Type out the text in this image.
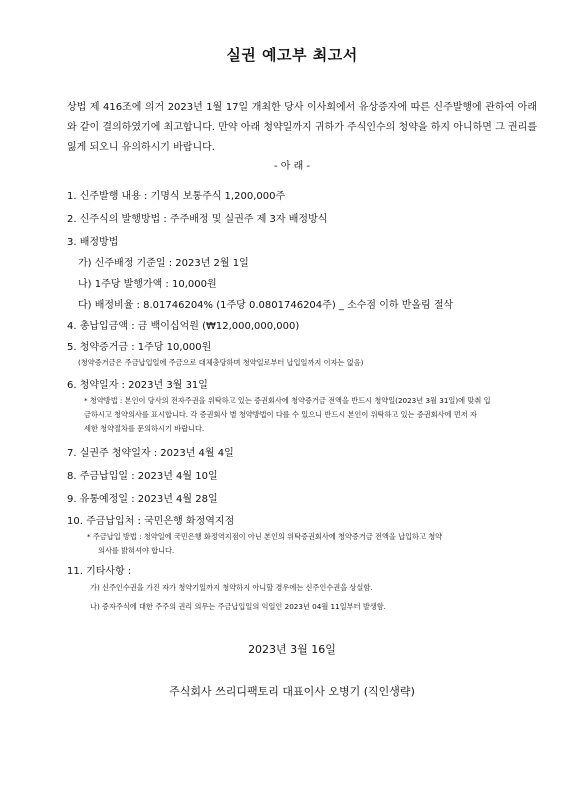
실권 예고부 최고서
상법 제 416조에 의거 2023년 1월 17일 개최한 당사 이사회에서 유상증자에 따른 신주발행에 관하여 아래와 같이 결의하였기에 최고합니다. 만약 아래 청약일까지 귀하가 주식인수의 청약을 하지 아니하면 그 권리를 잃게 되오니 유의하시기 바랍니다.
- 아 래 -
1. 신주발행 내용 : 기명식 보통주식 1,200,000주
2. 신주식의 발행방법 : 주주배정 및 실권주 제 3자 배정방식
3. 배정방법
가) 신주배정 기준일 : 2023년 2월 1일
나) 1주당 발행가액 : 10,000원
다) 배정비율 : 8.01746204% (1주당 0.0801746204주) _ 소수점 이하 반올림 절삭
4. 총납입금액 : 금 백이십억원 (₩12,000,000,000)
5. 청약증거금 : 1주당 10,000원
(청약증거금은 주금납입일에 주금으로 대체충당하며 청약일로부터 납입일까지 이자는 없음)
6. 청약일자 : 2023년 3월 31일
* 청약방법 : 본인이 당사의 전자주권을 위탁하고 있는 증권회사에 청약증거금 전액을 반드시 청약일(2023년 3월 31일)에 맞춰 입
금하시고 청약의사를 표시합니다. 각 증권회사 별 청약방법이 다를 수 있으니 반드시 본인이 위탁하고 있는 증권회사에 먼저 자
세한 청약절차를 문의하시기 바랍니다.
7. 실권주 청약일자 : 2023년 4월 4일
8. 주금납입일 : 2023년 4월 10일
9. 유통예정일 : 2023년 4월 28일
10. 주금납입처 : 국민은행 화정역지점
* 주금납입 방법 : 청약일에 국민은행 화정역지점이 아닌 본인의 위탁증권회사에 청약증거금 전액을 납입하고 청약
의사를 밝혀셔야 합니다.
11. 기타사항 :
가) 신주인수권을 가진 자가 청약기일까지 청약하지 아니할 경우에는 신주인수권을 상실함.
나) 증자주식에 대한 주주의 권리 의무는 주금납입일의 익일인 2023년 04월 11일부터 발생함.
2023년 3월 16일
주식회사 쓰리디팩토리 대표이사 오병기 (직인생략)
